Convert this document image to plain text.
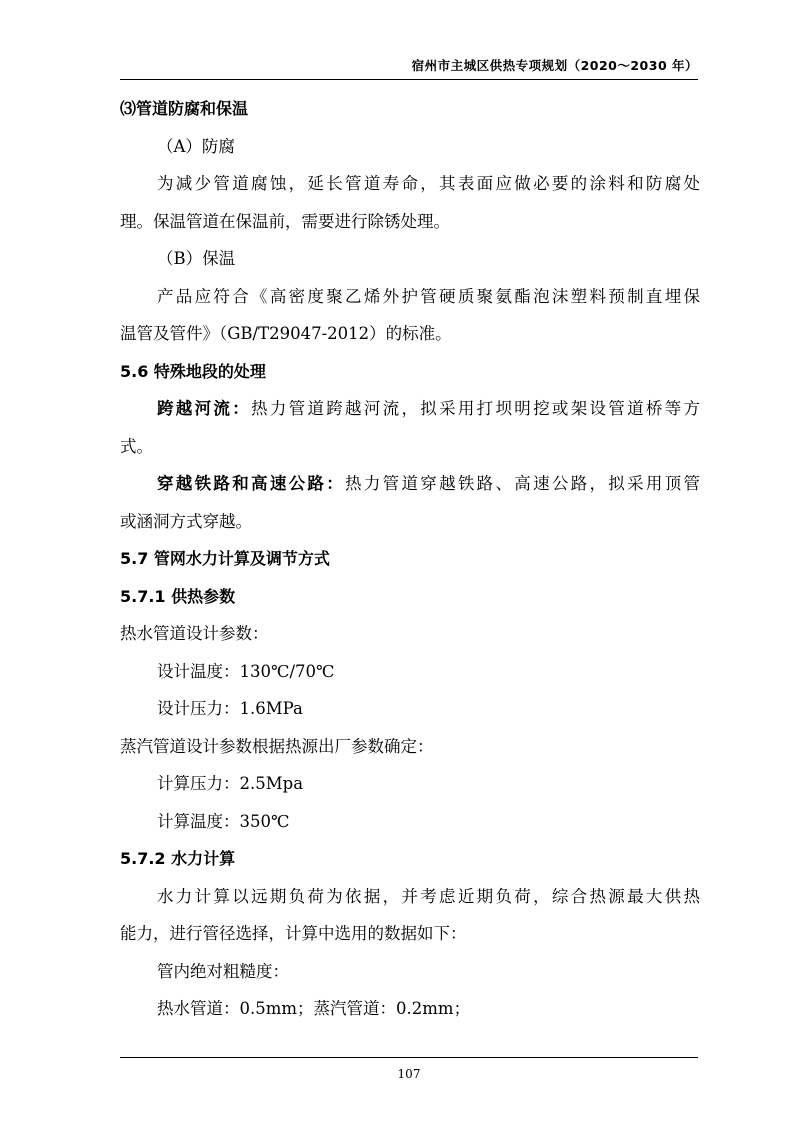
宿州市主城区供热专项规划（2020～2030 年）
⑶管道防腐和保温
（A）防腐
为减少管道腐蚀，延长管道寿命，其表面应做必要的涂料和防腐处
理。保温管道在保温前，需要进行除锈处理。
（B）保温
产品应符合《高密度聚乙烯外护管硬质聚氨酯泡沫塑料预制直埋保
温管及管件》（GB/T29047-2012）的标准。
5.6 特殊地段的处理
跨越河流：热力管道跨越河流，拟采用打坝明挖或架设管道桥等方
式。
穿越铁路和高速公路：热力管道穿越铁路、高速公路，拟采用顶管
或涵洞方式穿越。
5.7 管网水力计算及调节方式
5.7.1 供热参数
热水管道设计参数：
设计温度：130℃/70℃
设计压力：1.6MPa
蒸汽管道设计参数根据热源出厂参数确定：
计算压力：2.5Mpa
计算温度：350℃
5.7.2 水力计算
水力计算以远期负荷为依据，并考虑近期负荷，综合热源最大供热
能力，进行管径选择，计算中选用的数据如下：
管内绝对粗糙度：
热水管道：0.5mm；蒸汽管道：0.2mm；
107
